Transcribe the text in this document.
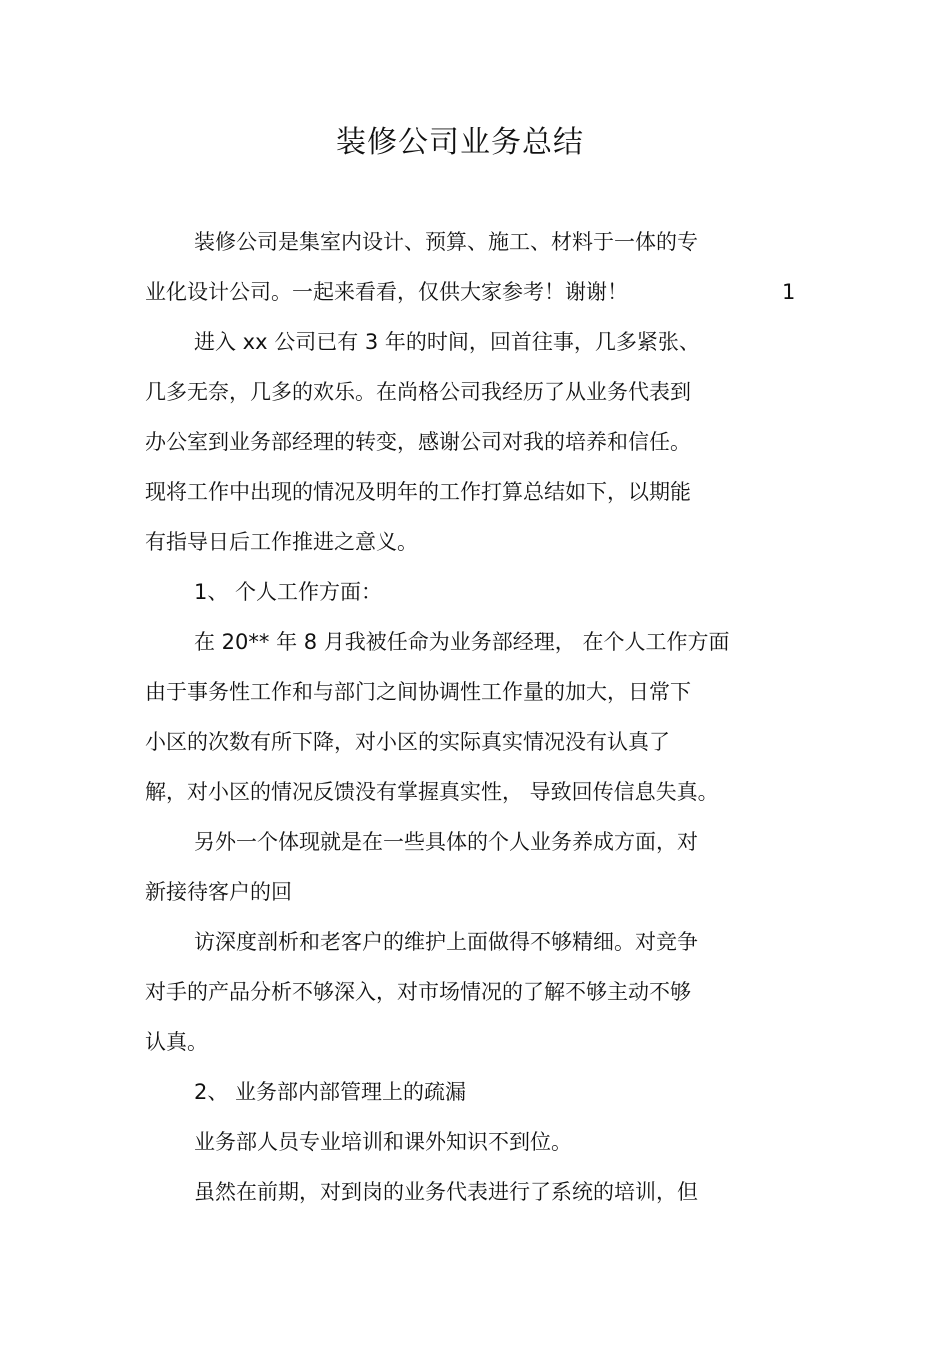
装修公司业务总结
装修公司是集室内设计、预算、施工、材料于一体的专
业化设计公司。一起来看看，仅供大家参考！谢谢！	1
进入 xx 公司已有 3 年的时间，回首往事，几多紧张、
几多无奈，几多的欢乐。在尚格公司我经历了从业务代表到
办公室到业务部经理的转变，感谢公司对我的培养和信任。
现将工作中出现的情况及明年的工作打算总结如下，以期能
有指导日后工作推进之意义。
1、 个人工作方面：
在 20** 年 8 月我被任命为业务部经理， 在个人工作方面
由于事务性工作和与部门之间协调性工作量的加大，日常下
小区的次数有所下降，对小区的实际真实情况没有认真了
解，对小区的情况反馈没有掌握真实性， 导致回传信息失真。
另外一个体现就是在一些具体的个人业务养成方面，对
新接待客户的回
访深度剖析和老客户的维护上面做得不够精细。对竞争
对手的产品分析不够深入，对市场情况的了解不够主动不够
认真。
2、 业务部内部管理上的疏漏
业务部人员专业培训和课外知识不到位。
虽然在前期，对到岗的业务代表进行了系统的培训，但
